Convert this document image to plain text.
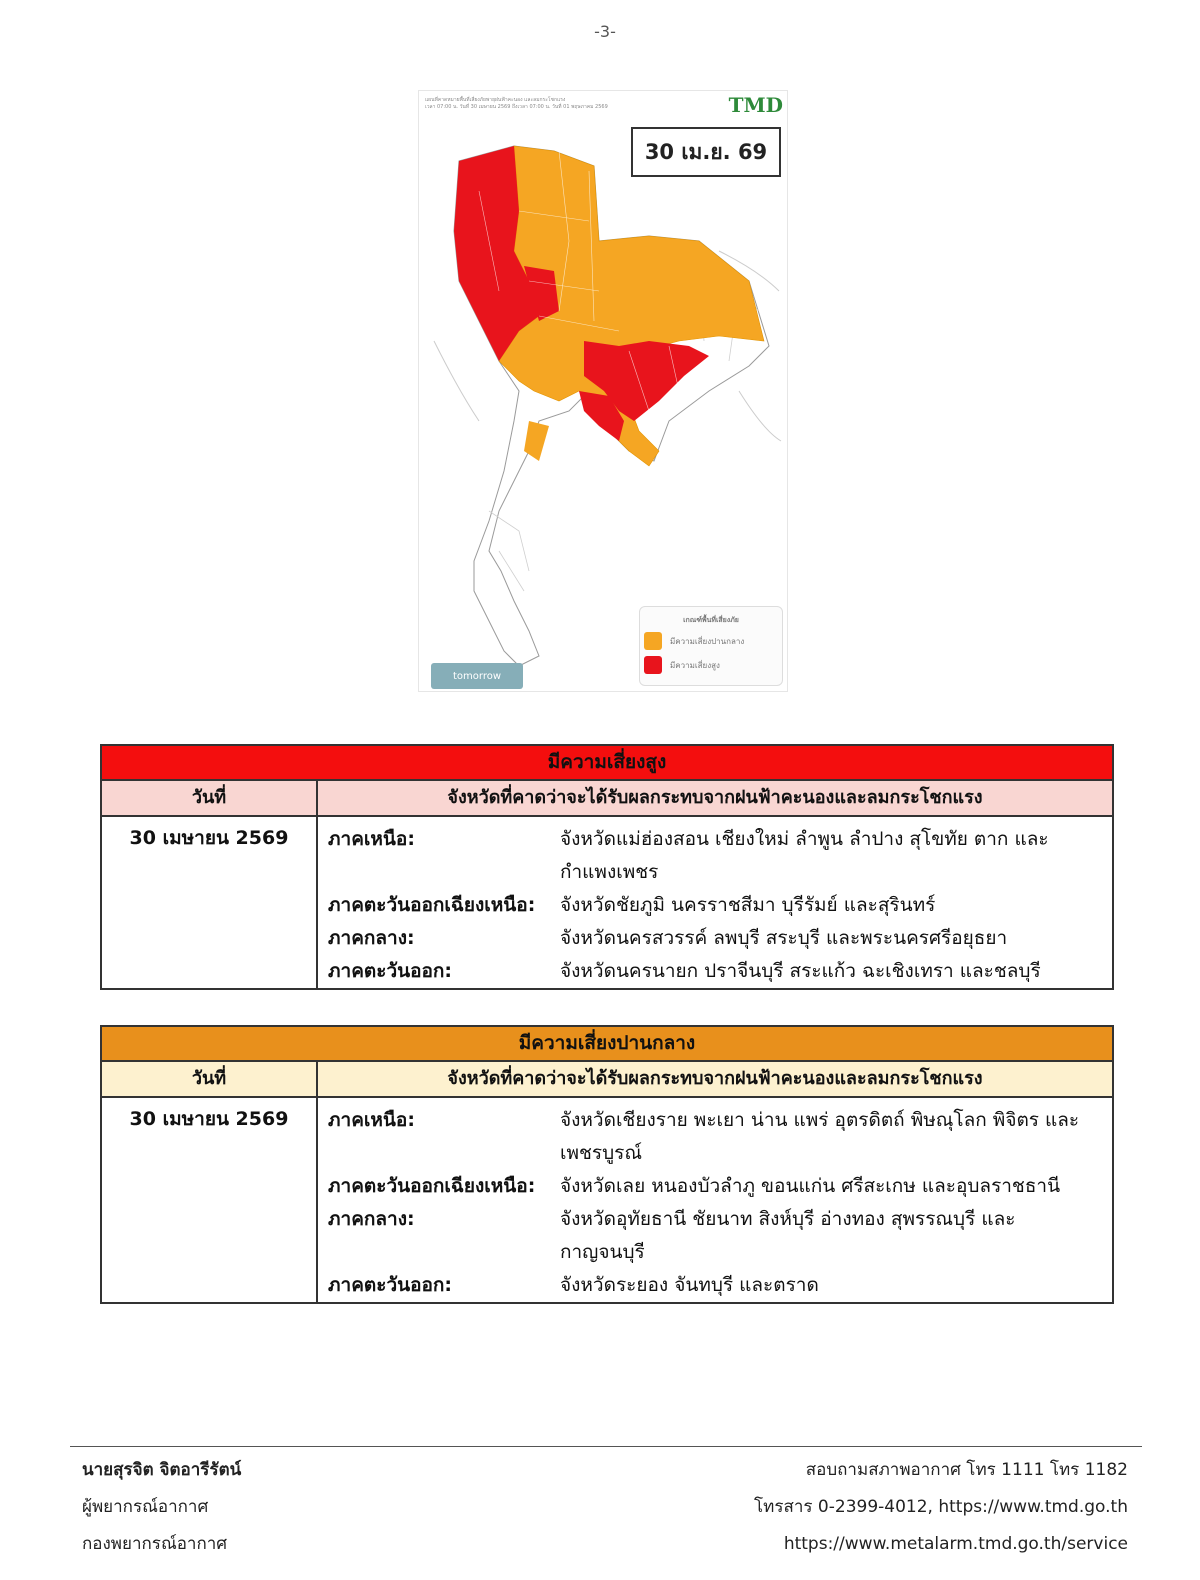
-3-
แผนที่คาดหมายพื้นที่เสี่ยงภัยพายุฝนฟ้าคะนอง และลมกระโชกแรง
เวลา 07:00 น. วันที่ 30 เมษายน 2569 ถึงเวลา 07:00 น. วันที่ 01 พฤษภาคม 2569	TMD
30 เม.ย. 69
เกณฑ์พื้นที่เสี่ยงภัย
มีความเสี่ยงปานกลาง
มีความเสี่ยงสูง
tomorrow
มีความเสี่ยงสูง
วันที่	จังหวัดที่คาดว่าจะได้รับผลกระทบจากฝนฟ้าคะนองและลมกระโชกแรง
30 เมษายน 2569	ภาคเหนือ:	จังหวัดแม่ฮ่องสอน เชียงใหม่ ลำพูน ลำปาง สุโขทัย ตาก และกำแพงเพชร
ภาคตะวันออกเฉียงเหนือ:	จังหวัดชัยภูมิ นครราชสีมา บุรีรัมย์ และสุรินทร์
ภาคกลาง:	จังหวัดนครสวรรค์ ลพบุรี สระบุรี และพระนครศรีอยุธยา
ภาคตะวันออก:	จังหวัดนครนายก ปราจีนบุรี สระแก้ว ฉะเชิงเทรา และชลบุรี
มีความเสี่ยงปานกลาง
วันที่	จังหวัดที่คาดว่าจะได้รับผลกระทบจากฝนฟ้าคะนองและลมกระโชกแรง
30 เมษายน 2569	ภาคเหนือ:	จังหวัดเชียงราย พะเยา น่าน แพร่ อุตรดิตถ์ พิษณุโลก พิจิตร และเพชรบูรณ์
ภาคตะวันออกเฉียงเหนือ:	จังหวัดเลย หนองบัวลำภู ขอนแก่น ศรีสะเกษ และอุบลราชธานี
ภาคกลาง:	จังหวัดอุทัยธานี ชัยนาท สิงห์บุรี อ่างทอง สุพรรณบุรี และกาญจนบุรี
ภาคตะวันออก:	จังหวัดระยอง จันทบุรี และตราด
นายสุรจิต จิตอารีรัตน์
ผู้พยากรณ์อากาศ
กองพยากรณ์อากาศ
สอบถามสภาพอากาศ โทร 1111 โทร 1182
โทรสาร 0-2399-4012, https://www.tmd.go.th
https://www.metalarm.tmd.go.th/service
